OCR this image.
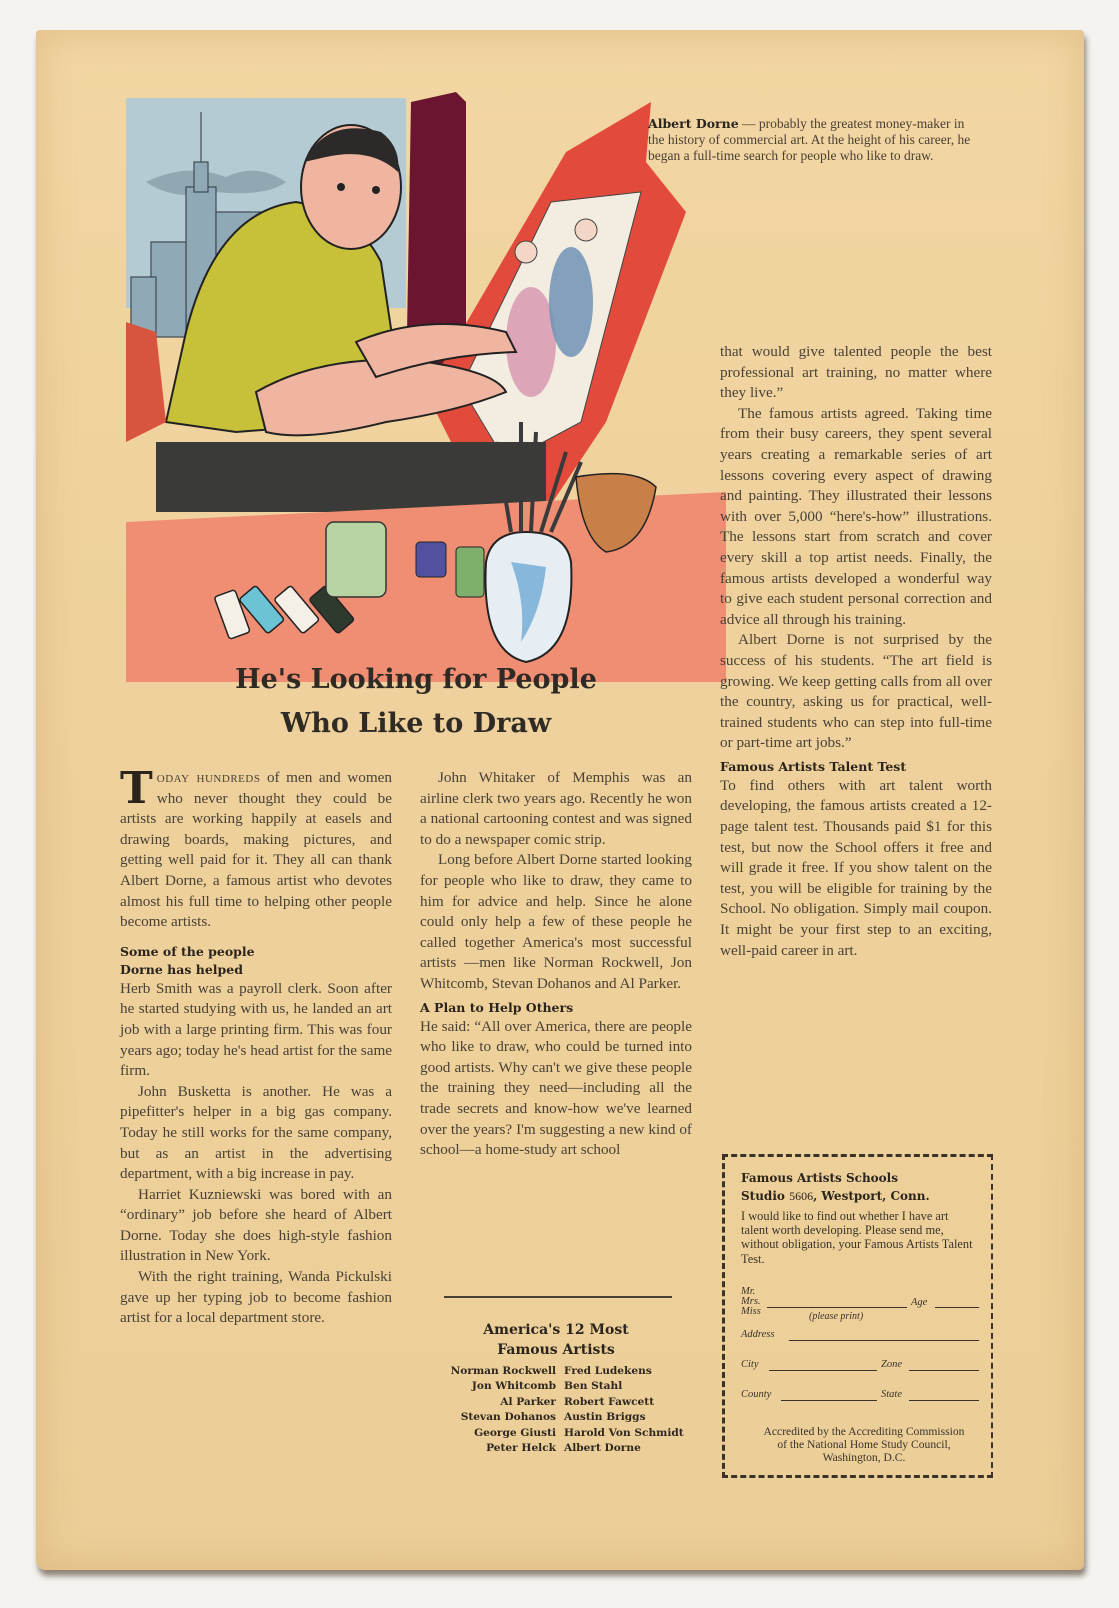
Albert Dorne — probably the greatest money-maker in the history of commercial art. At the height of his career, he began a full-time search for people who like to draw.
He's Looking for People
Who Like to Draw

Today hundreds of men and women who never thought they could be artists are working happily at easels and drawing boards, making pictures, and getting well paid for it. They all can thank Albert Dorne, a famous artist who devotes almost his full time to helping other people become artists.

Some of the people
Dorne has helped

Herb Smith was a payroll clerk. Soon after he started studying with us, he landed an art job with a large printing firm. This was four years ago; today he's head artist for the same firm.

John Busketta is another. He was a pipefitter's helper in a big gas company. Today he still works for the same company, but as an artist in the advertising department, with a big increase in pay.

Harriet Kuzniewski was bored with an “ordinary” job before she heard of Albert Dorne. Today she does high-style fashion illustration in New York.

With the right training, Wanda Pickulski gave up her typing job to become fashion artist for a local department store.

John Whitaker of Memphis was an airline clerk two years ago. Recently he won a national cartooning contest and was signed to do a newspaper comic strip.

Long before Albert Dorne started looking for people who like to draw, they came to him for advice and help. Since he alone could only help a few of these people he called together America's most successful artists —men like Norman Rockwell, Jon Whitcomb, Stevan Dohanos and Al Parker.

A Plan to Help Others

He said: “All over America, there are people who like to draw, who could be turned into good artists. Why can't we give these people the training they need—including all the trade secrets and know-how we've learned over the years? I'm suggesting a new kind of school—a home-study art school

America's 12 Most
Famous Artists
Norman Rockwell Fred Ludekens
Jon Whitcomb Ben Stahl
Al Parker Robert Fawcett
Stevan Dohanos Austin Briggs
George Giusti Harold Von Schmidt
Peter Helck Albert Dorne

that would give talented people the best professional art training, no matter where they live.”

The famous artists agreed. Taking time from their busy careers, they spent several years creating a remarkable series of art lessons covering every aspect of drawing and painting. They illustrated their lessons with over 5,000 “here's-how” illustrations. The lessons start from scratch and cover every skill a top artist needs. Finally, the famous artists developed a wonderful way to give each student personal correction and advice all through his training.

Albert Dorne is not surprised by the success of his students. “The art field is growing. We keep getting calls from all over the country, asking us for practical, well-trained students who can step into full-time or part-time art jobs.”

Famous Artists Talent Test

To find others with art talent worth developing, the famous artists created a 12-page talent test. Thousands paid $1 for this test, but now the School offers it free and will grade it free. If you show talent on the test, you will be eligible for training by the School. No obligation. Simply mail coupon. It might be your first step to an exciting, well-paid career in art.

Famous Artists Schools
Studio 5606, Westport, Conn.
I would like to find out whether I have art talent worth developing. Please send me, without obligation, your Famous Artists Talent Test.
Mr.
Mrs.
Miss
Age
(please print)
Address
City	Zone
County	State
Accredited by the Accrediting Commission of the National Home Study Council, Washington, D.C.
